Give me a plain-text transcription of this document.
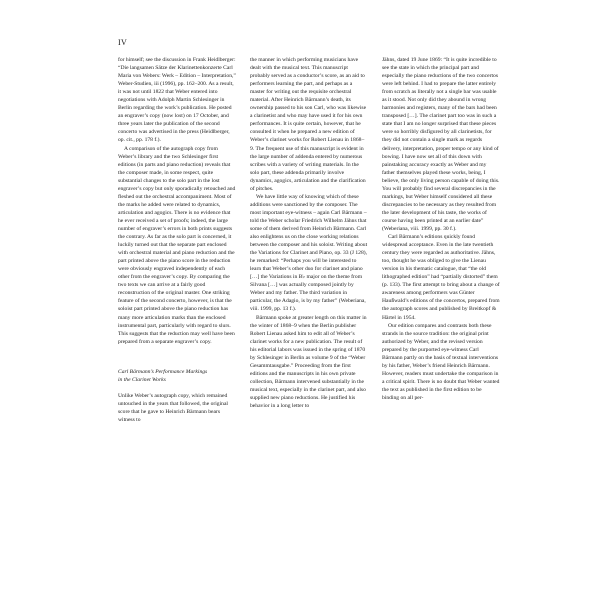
IV

for himself; see the discussion in Frank Heidlberger: “Die langsamen Sätze der Klarinettenkonzerte Carl Maria von Webers: Werk – Edition – Interpretation,” Weber-Studien, iii (1996), pp. 162–200. As a result, it was not until 1822 that Weber entered into negotiations with Adolph Martin Schlesinger in Berlin regarding the work’s publication. He posted an engraver’s copy (now lost) on 17 October, and three years later the publication of the second concerto was advertised in the press (Heidlberger, op. cit., pp. 178 f.).

A comparison of the autograph copy from Weber’s library and the two Schlesinger first editions (in parts and piano reduction) reveals that the composer made, in some respect, quite substantial changes to the solo part in the lost engraver’s copy but only sporadically retouched and fleshed out the orchestral accompaniment. Most of the marks he added were related to dynamics, articulation and agogics. There is no evidence that he ever received a set of proofs; indeed, the large number of engraver’s errors in both prints suggests the contrary. As far as the solo part is concerned, it luckily turned out that the separate part enclosed with orchestral material and piano reduction and the part printed above the piano score in the reduction were obviously engraved independently of each other from the engraver’s copy. By comparing the two texts we can arrive at a fairly good reconstruction of the original master. One striking feature of the second concerto, however, is that the soloist part printed above the piano reduction has many more articulation marks than the enclosed instrumental part, particularly with regard to slurs. This suggests that the reduction may well have been prepared from a separate engraver’s copy.

Carl Bärmann’s Performance Markings
in the Clarinet Works

Unlike Weber’s autograph copy, which remained untouched in the years that followed, the original score that he gave to Heinrich Bärmann bears witness to

the manner in which performing musicians have dealt with the musical text. This manuscript probably served as a conductor’s score, as an aid to performers learning the part, and perhaps as a master for writing out the requisite orchestral material. After Heinrich Bärmann’s death, its ownership passed to his son Carl, who was likewise a clarinetist and who may have used it for his own performances. It is quite certain, however, that he consulted it when he prepared a new edition of Weber’s clarinet works for Robert Lienau in 1868–9. The frequent use of this manuscript is evident in the large number of addenda entered by numerous scribes with a variety of writing materials. In the solo part, these addenda primarily involve dynamics, agogics, articulation and the clarification of pitches.

We have little way of knowing which of these additions were sanctioned by the composer. The most important eye-witness – again Carl Bärmann – told the Weber scholar Friedrich Wilhelm Jähns that some of them derived from Heinrich Bärmann. Carl also enlightens us on the close working relations between the composer and his soloist. Writing about the Variations for Clarinet and Piano, op. 33 (J 128), he remarked: “Perhaps you will be interested to learn that Weber’s other duo for clarinet and piano […] the Variations in B♭ major on the theme from Silvana […] was actually composed jointly by Weber and my father. The third variation in particular, the Adagio, is by my father” (Weberiana, viii. 1999, pp. 13 f.).

Bärmann spoke at greater length on this matter in the winter of 1868–9 when the Berlin publisher Robert Lienau asked him to edit all of Weber’s clarinet works for a new publication. The result of his editorial labors was issued in the spring of 1870 by Schlesinger in Berlin as volume 9 of the “Weber Gesammtausgabe.” Proceeding from the first editions and the manuscripts in his own private collection, Bärmann intervened substantially in the musical text, especially in the clarinet part, and also supplied new piano reductions. He justified his behavior in a long letter to

Jähns, dated 19 June 1869: “It is quite incredible to see the state in which the principal part and especially the piano reductions of the two concertos were left behind. I had to prepare the latter entirely from scratch as literally not a single bar was usable as it stood. Not only did they abound in wrong harmonies and registers, many of the bars had been transposed […]. The clarinet part too was in such a state that I am no longer surprised that these pieces were so horribly disfigured by all clarinetists, for they did not contain a single mark as regards delivery, interpretation, proper tempo or any kind of bowing. I have now set all of this down with painstaking accuracy exactly as Weber and my father themselves played these works, being, I believe, the only living person capable of doing this. You will probably find several discrepancies in the markings, but Weber himself considered all these discrepancies to be necessary as they resulted from the later development of his taste, the works of course having been printed at an earlier date” (Weberiana, viii. 1999, pp. 30 f.).

Carl Bärmann’s editions quickly found widespread acceptance. Even in the late twentieth century they were regarded as authoritative. Jähns, too, thought he was obliged to give the Lienau version in his thematic catalogue, that “the old lithographed edition” had “partially distorted” them (p. 133). The first attempt to bring about a change of awareness among performers was Günter Haußwald’s editions of the concertos, prepared from the autograph scores and published by Breitkopf & Härtel in 1954.

Our edition compares and contrasts both these strands in the source tradition: the original print authorized by Weber, and the revised version prepared by the purported eye-witness Carl Bärmann partly on the basis of textual interventions by his father, Weber’s friend Heinrich Bärmann. However, readers must undertake the comparison in a critical spirit. There is no doubt that Weber wanted the text as published in the first edition to be binding on all per-
